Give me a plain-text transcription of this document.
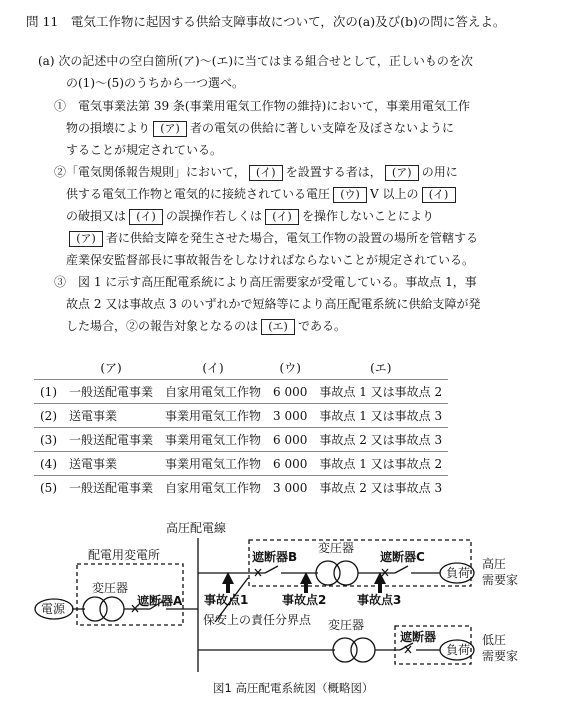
問 11　電気工作物に起因する供給支障事故について，次の(a)及び(b)の問に答えよ。
(a) 次の記述中の空白箇所(ア)～(エ)に当てはまる組合せとして，正しいものを次
の(1)～(5)のうちから一つ選べ。
①　電気事業法第 39 条(事業用電気工作物の維持)において，事業用電気工作
物の損壊により (ア) 者の電気の供給に著しい支障を及ぼさないように
することが規定されている。
②「電気関係報告規則」において， (イ) を設置する者は， (ア) の用に
供する電気工作物と電気的に接続されている電圧 (ウ) V 以上の (イ)
の破損又は (イ) の誤操作若しくは (イ) を操作しないことにより
(ア) 者に供給支障を発生させた場合，電気工作物の設置の場所を管轄する
産業保安監督部長に事故報告をしなければならないことが規定されている。
③　図 1 に示す高圧配電系統により高圧需要家が受電している。事故点 1，事
故点 2 又は事故点 3 のいずれかで短絡等により高圧配電系統に供給支障が発
した場合，②の報告対象となるのは (エ) である。
	(ア)	(イ)	(ウ)	(エ)
(1)	一般送配電事業	自家用電気工作物	6 000	事故点 1 又は事故点 2
(2)	送電事業	事業用電気工作物	3 000	事故点 1 又は事故点 3
(3)	一般送配電事業	事業用電気工作物	6 000	事故点 2 又は事故点 3
(4)	送電事業	事業用電気工作物	6 000	事故点 1 又は事故点 2
(5)	一般送配電事業	自家用電気工作物	3 000	事故点 2 又は事故点 3
高圧配電線
配電用変電所
変圧器
遮断器A
電源
事故点1	事故点2	事故点3
遮断器B	遮断器C
変圧器
負荷
高圧
需要家
保安上の責任分界点 変圧器
遮断器
負荷
低圧
需要家
図1 高圧配電系統図（概略図）
